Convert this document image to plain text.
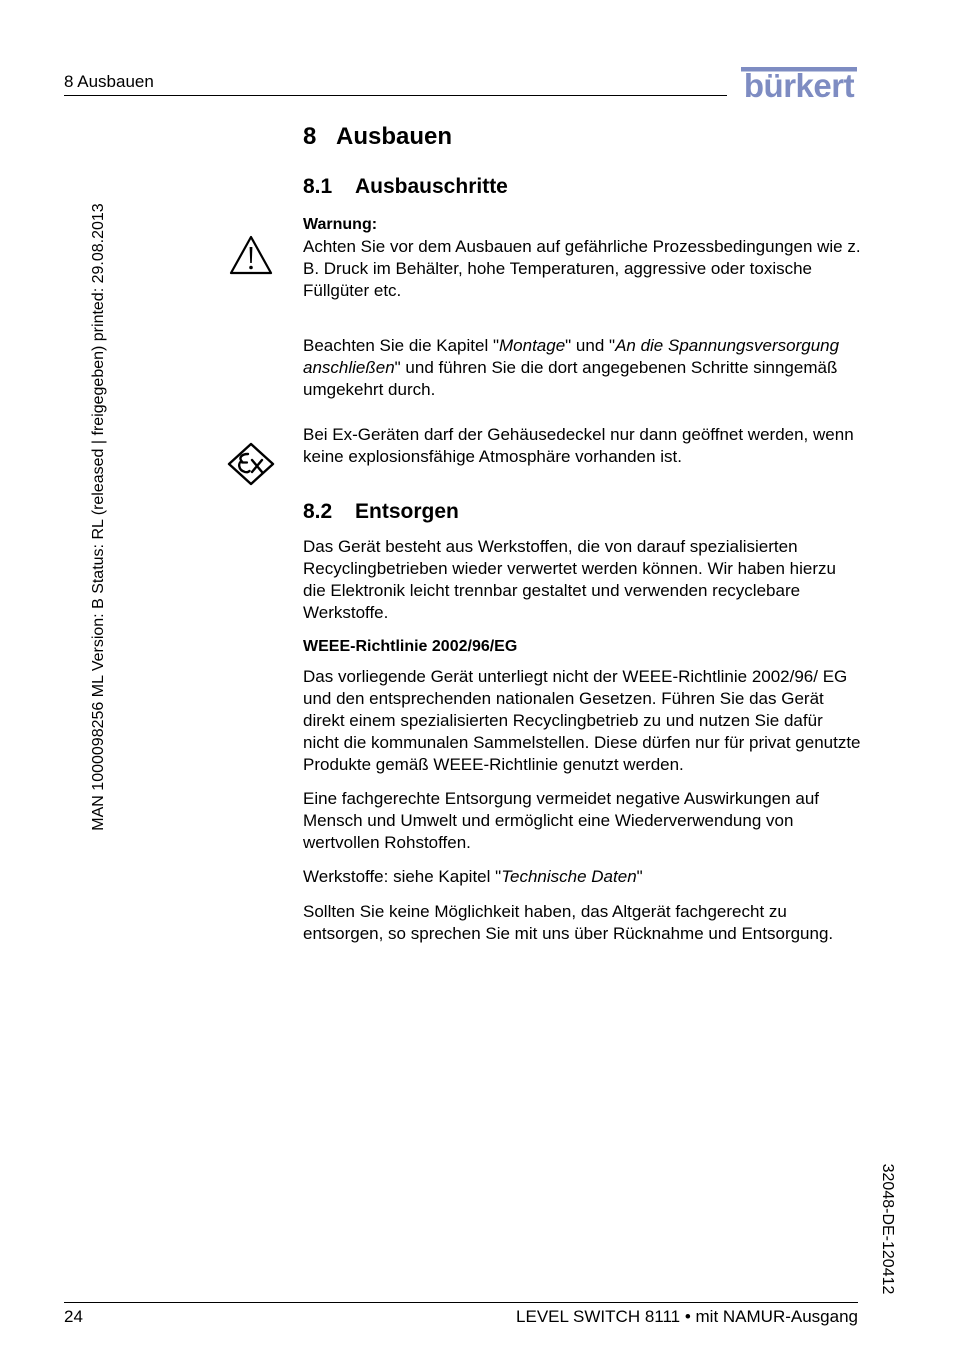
8 Ausbauen	bürkert
MAN 1000098256 ML Version: B Status: RL (released | freigegeben) printed: 29.08.2013
32048-DE-120412
8 Ausbauen
8.1 Ausbauschritte

Warnung:

Achten Sie vor dem Ausbauen auf gefährliche Prozessbedingungen wie z. B. Druck im Behälter, hohe Temperaturen, aggressive oder toxische Füllgüter etc.

Beachten Sie die Kapitel "Montage" und "An die Spannungsversorgung anschließen" und führen Sie die dort angegebenen Schritte sinngemäß umgekehrt durch.

Bei Ex-Geräten darf der Gehäusedeckel nur dann geöffnet werden, wenn keine explosionsfähige Atmosphäre vorhanden ist.

8.2 Entsorgen

Das Gerät besteht aus Werkstoffen, die von darauf spezialisierten Recyclingbetrieben wieder verwertet werden können. Wir haben hierzu die Elektronik leicht trennbar gestaltet und verwenden recyclebare Werkstoffe.

WEEE-Richtlinie 2002/96/EG

Das vorliegende Gerät unterliegt nicht der WEEE-Richtlinie 2002/96/ EG und den entsprechenden nationalen Gesetzen. Führen Sie das Gerät direkt einem spezialisierten Recyclingbetrieb zu und nutzen Sie dafür nicht die kommunalen Sammelstellen. Diese dürfen nur für privat genutzte Produkte gemäß WEEE-Richtlinie genutzt werden.

Eine fachgerechte Entsorgung vermeidet negative Auswirkungen auf Mensch und Umwelt und ermöglicht eine Wiederverwendung von wertvollen Rohstoffen.

Werkstoffe: siehe Kapitel "Technische Daten"

Sollten Sie keine Möglichkeit haben, das Altgerät fachgerecht zu entsorgen, so sprechen Sie mit uns über Rücknahme und Entsorgung.

24	LEVEL SWITCH 8111 • mit NAMUR-Ausgang
